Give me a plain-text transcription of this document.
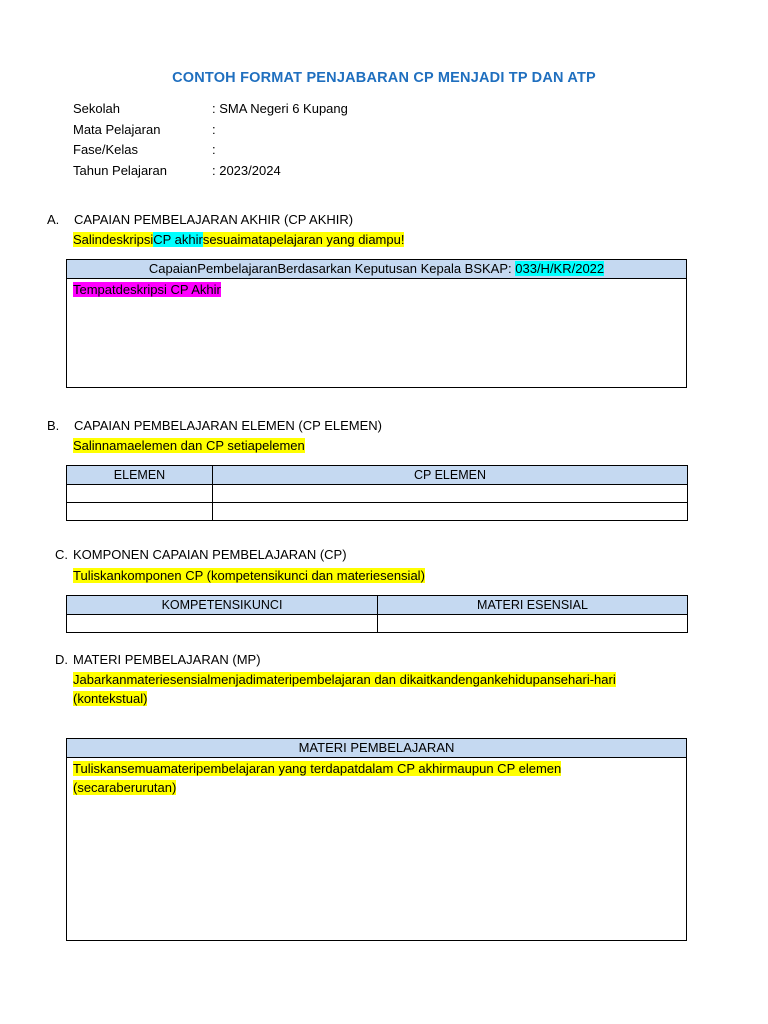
CONTOH FORMAT PENJABARAN CP MENJADI TP DAN ATP
Sekolah	: SMA Negeri 6 Kupang
Mata Pelajaran	:
Fase/Kelas	:
Tahun Pelajaran	: 2023/2024
A. CAPAIAN PEMBELAJARAN AKHIR (CP AKHIR)
SalindeskripsiCP akhirsesuaimatapelajaran yang diampu!
CapaianPembelajaranBerdasarkan Keputusan Kepala BSKAP: 033/H/KR/2022
Tempatdeskripsi CP Akhir
B. CAPAIAN PEMBELAJARAN ELEMEN (CP ELEMEN)
Salinnamaelemen dan CP setiapelemen
ELEMEN	CP ELEMEN

C. KOMPONEN CAPAIAN PEMBELAJARAN (CP)
Tuliskankomponen CP (kompetensikunci dan materiesensial)
KOMPETENSIKUNCI	MATERI ESENSIAL

D. MATERI PEMBELAJARAN (MP)
Jabarkanmateriesensialmenjadimateripembelajaran dan dikaitkandengankehidupansehari-hari
(kontekstual)
MATERI PEMBELAJARAN
Tuliskansemuamateripembelajaran yang terdapatdalam CP akhirmaupun CP elemen
(secaraberurutan)
